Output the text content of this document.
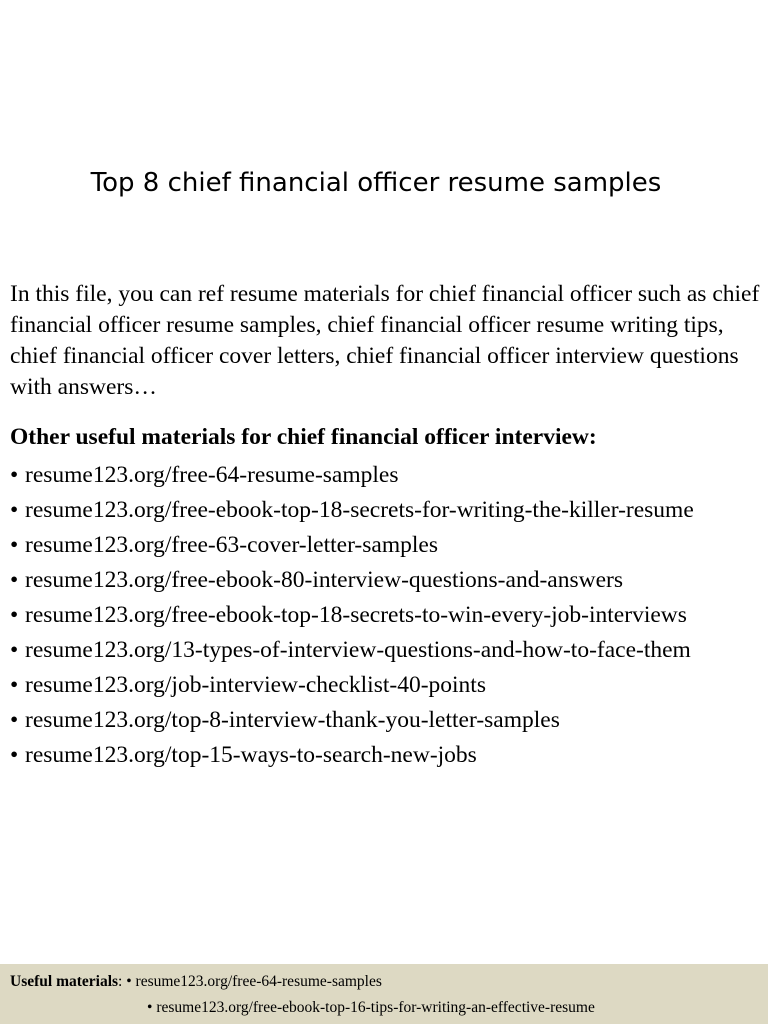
Top 8 chief financial officer resume samples

In this file, you can ref resume materials for chief financial officer such as chief financial officer resume samples, chief financial officer resume writing tips, chief financial officer cover letters, chief financial officer interview questions with answers…

Other useful materials for chief financial officer interview:

• resume123.org/free-64-resume-samples
• resume123.org/free-ebook-top-18-secrets-for-writing-the-killer-resume
• resume123.org/free-63-cover-letter-samples
• resume123.org/free-ebook-80-interview-questions-and-answers
• resume123.org/free-ebook-top-18-secrets-to-win-every-job-interviews
• resume123.org/13-types-of-interview-questions-and-how-to-face-them
• resume123.org/job-interview-checklist-40-points
• resume123.org/top-8-interview-thank-you-letter-samples
• resume123.org/top-15-ways-to-search-new-jobs
Useful materials: • resume123.org/free-64-resume-samples
• resume123.org/free-ebook-top-16-tips-for-writing-an-effective-resume
